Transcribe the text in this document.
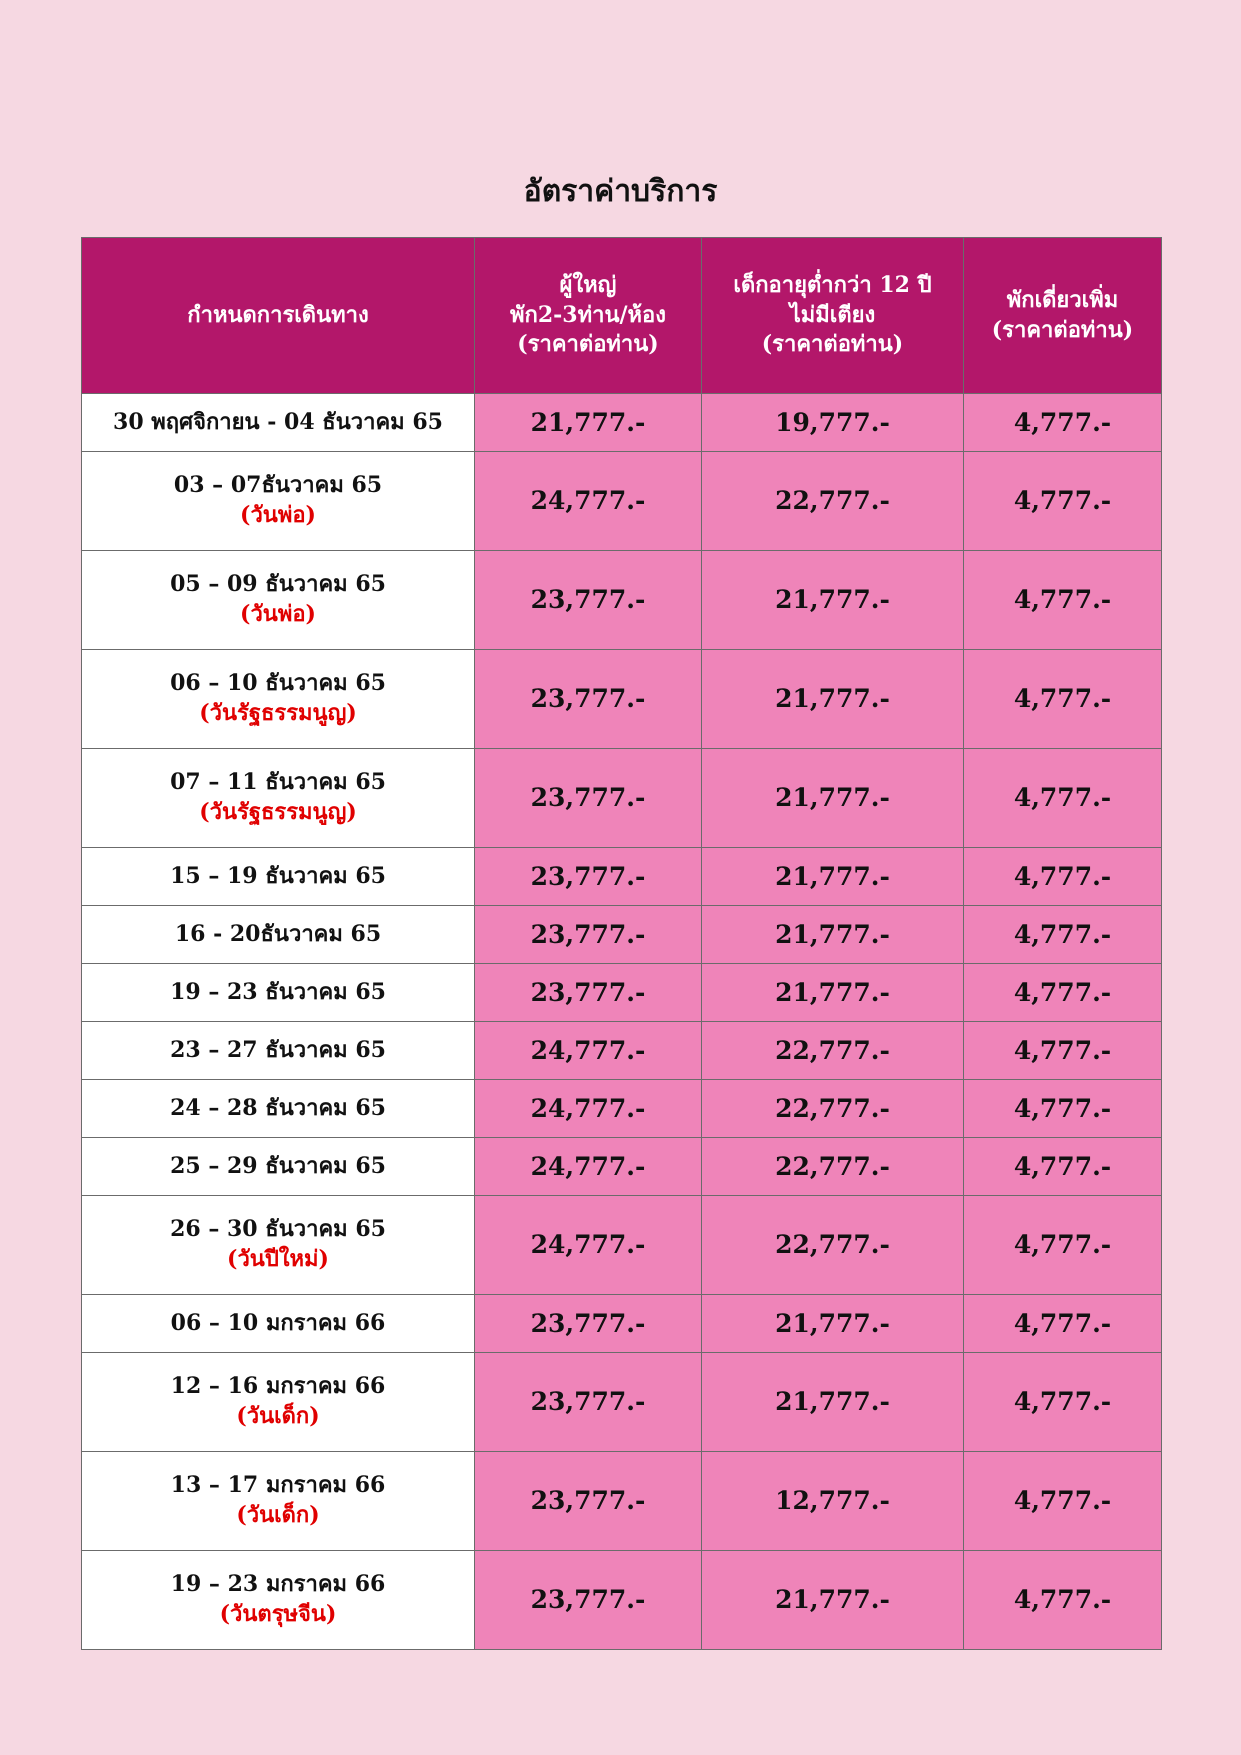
อัตราค่าบริการ
กำหนดการเดินทาง	ผู้ใหญ่
พัก2-3ท่าน/ห้อง
(ราคาต่อท่าน)	เด็กอายุต่ำกว่า 12 ปี
ไม่มีเตียง
(ราคาต่อท่าน)	พักเดี่ยวเพิ่ม
(ราคาต่อท่าน)

30 พฤศจิกายน - 04 ธันวาคม 65	21,777.-	19,777.-	4,777.-

03 – 07ธันวาคม 65
(วันพ่อ)	24,777.-	22,777.-	4,777.-

05 – 09 ธันวาคม 65
(วันพ่อ)	23,777.-	21,777.-	4,777.-

06 – 10 ธันวาคม 65
(วันรัฐธรรมนูญ)	23,777.-	21,777.-	4,777.-

07 – 11 ธันวาคม 65
(วันรัฐธรรมนูญ)	23,777.-	21,777.-	4,777.-

15 – 19 ธันวาคม 65	23,777.-	21,777.-	4,777.-

16 - 20ธันวาคม 65	23,777.-	21,777.-	4,777.-

19 – 23 ธันวาคม 65	23,777.-	21,777.-	4,777.-

23 – 27 ธันวาคม 65	24,777.-	22,777.-	4,777.-

24 – 28 ธันวาคม 65	24,777.-	22,777.-	4,777.-

25 – 29 ธันวาคม 65	24,777.-	22,777.-	4,777.-

26 – 30 ธันวาคม 65
(วันปีใหม่)	24,777.-	22,777.-	4,777.-

06 – 10 มกราคม 66	23,777.-	21,777.-	4,777.-

12 – 16 มกราคม 66
(วันเด็ก)	23,777.-	21,777.-	4,777.-

13 – 17 มกราคม 66
(วันเด็ก)	23,777.-	12,777.-	4,777.-

19 – 23 มกราคม 66
(วันตรุษจีน)	23,777.-	21,777.-	4,777.-
